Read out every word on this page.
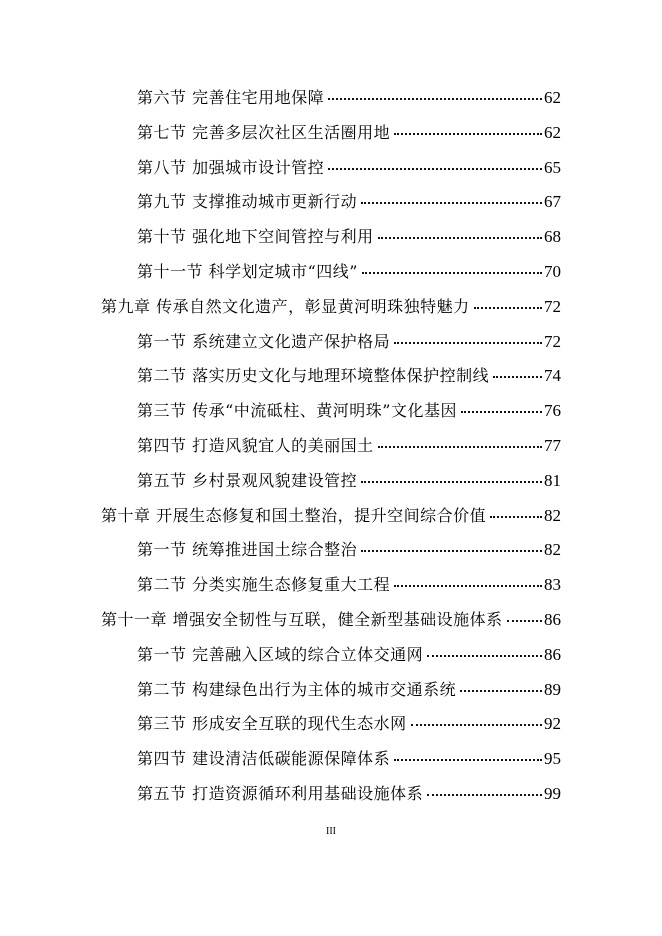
第六节 完善住宅用地保障	62
第七节 完善多层次社区生活圈用地	62
第八节 加强城市设计管控	65
第九节 支撑推动城市更新行动	67
第十节 强化地下空间管控与利用	68
第十一节 科学划定城市“四线”	70
第九章 传承自然文化遗产，彰显黄河明珠独特魅力	72
第一节 系统建立文化遗产保护格局	72
第二节 落实历史文化与地理环境整体保护控制线	74
第三节 传承“中流砥柱、黄河明珠”文化基因	76
第四节 打造风貌宜人的美丽国土	77
第五节 乡村景观风貌建设管控	81
第十章 开展生态修复和国土整治，提升空间综合价值	82
第一节 统筹推进国土综合整治	82
第二节 分类实施生态修复重大工程	83
第十一章 增强安全韧性与互联，健全新型基础设施体系 86
第一节 完善融入区域的综合立体交通网	86
第二节 构建绿色出行为主体的城市交通系统	89
第三节 形成安全互联的现代生态水网	92
第四节 建设清洁低碳能源保障体系	95
第五节 打造资源循环利用基础设施体系	99
III
